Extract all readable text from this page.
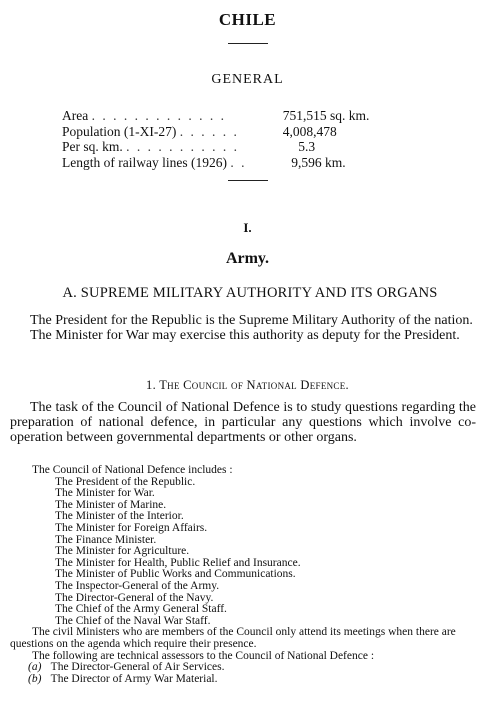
CHILE
GENERAL
Area . . . . . . . . . . . . .	751,515 sq. km.
Population (1-XI-27) . . . . . .	4,008,478
Per sq. km. . . . . . . . . . . .	5.3
Length of railway lines (1926) . .	9,596 km.
I.
Army.
A. SUPREME MILITARY AUTHORITY AND ITS ORGANS

The President for the Republic is the Supreme Military Authority of the nation.

The Minister for War may exercise this authority as deputy for the President.

1. The Council of National Defence.

The task of the Council of National Defence is to study questions regarding the preparation of national defence, in particular any questions which involve co-operation between governmental departments or other organs.

The Council of National Defence includes :

The President of the Republic.
The Minister for War.
The Minister of Marine.
The Minister of the Interior.
The Minister for Foreign Affairs.
The Finance Minister.
The Minister for Agriculture.
The Minister for Health, Public Relief and Insurance.
The Minister of Public Works and Communications.
The Inspector-General of the Army.
The Director-General of the Navy.
The Chief of the Army General Staff.
The Chief of the Naval War Staff.

The civil Ministers who are members of the Council only attend its meetings when there are questions on the agenda which require their presence.

The following are technical assessors to the Council of National Defence :

(a) The Director-General of Air Services.
(b) The Director of Army War Material.
